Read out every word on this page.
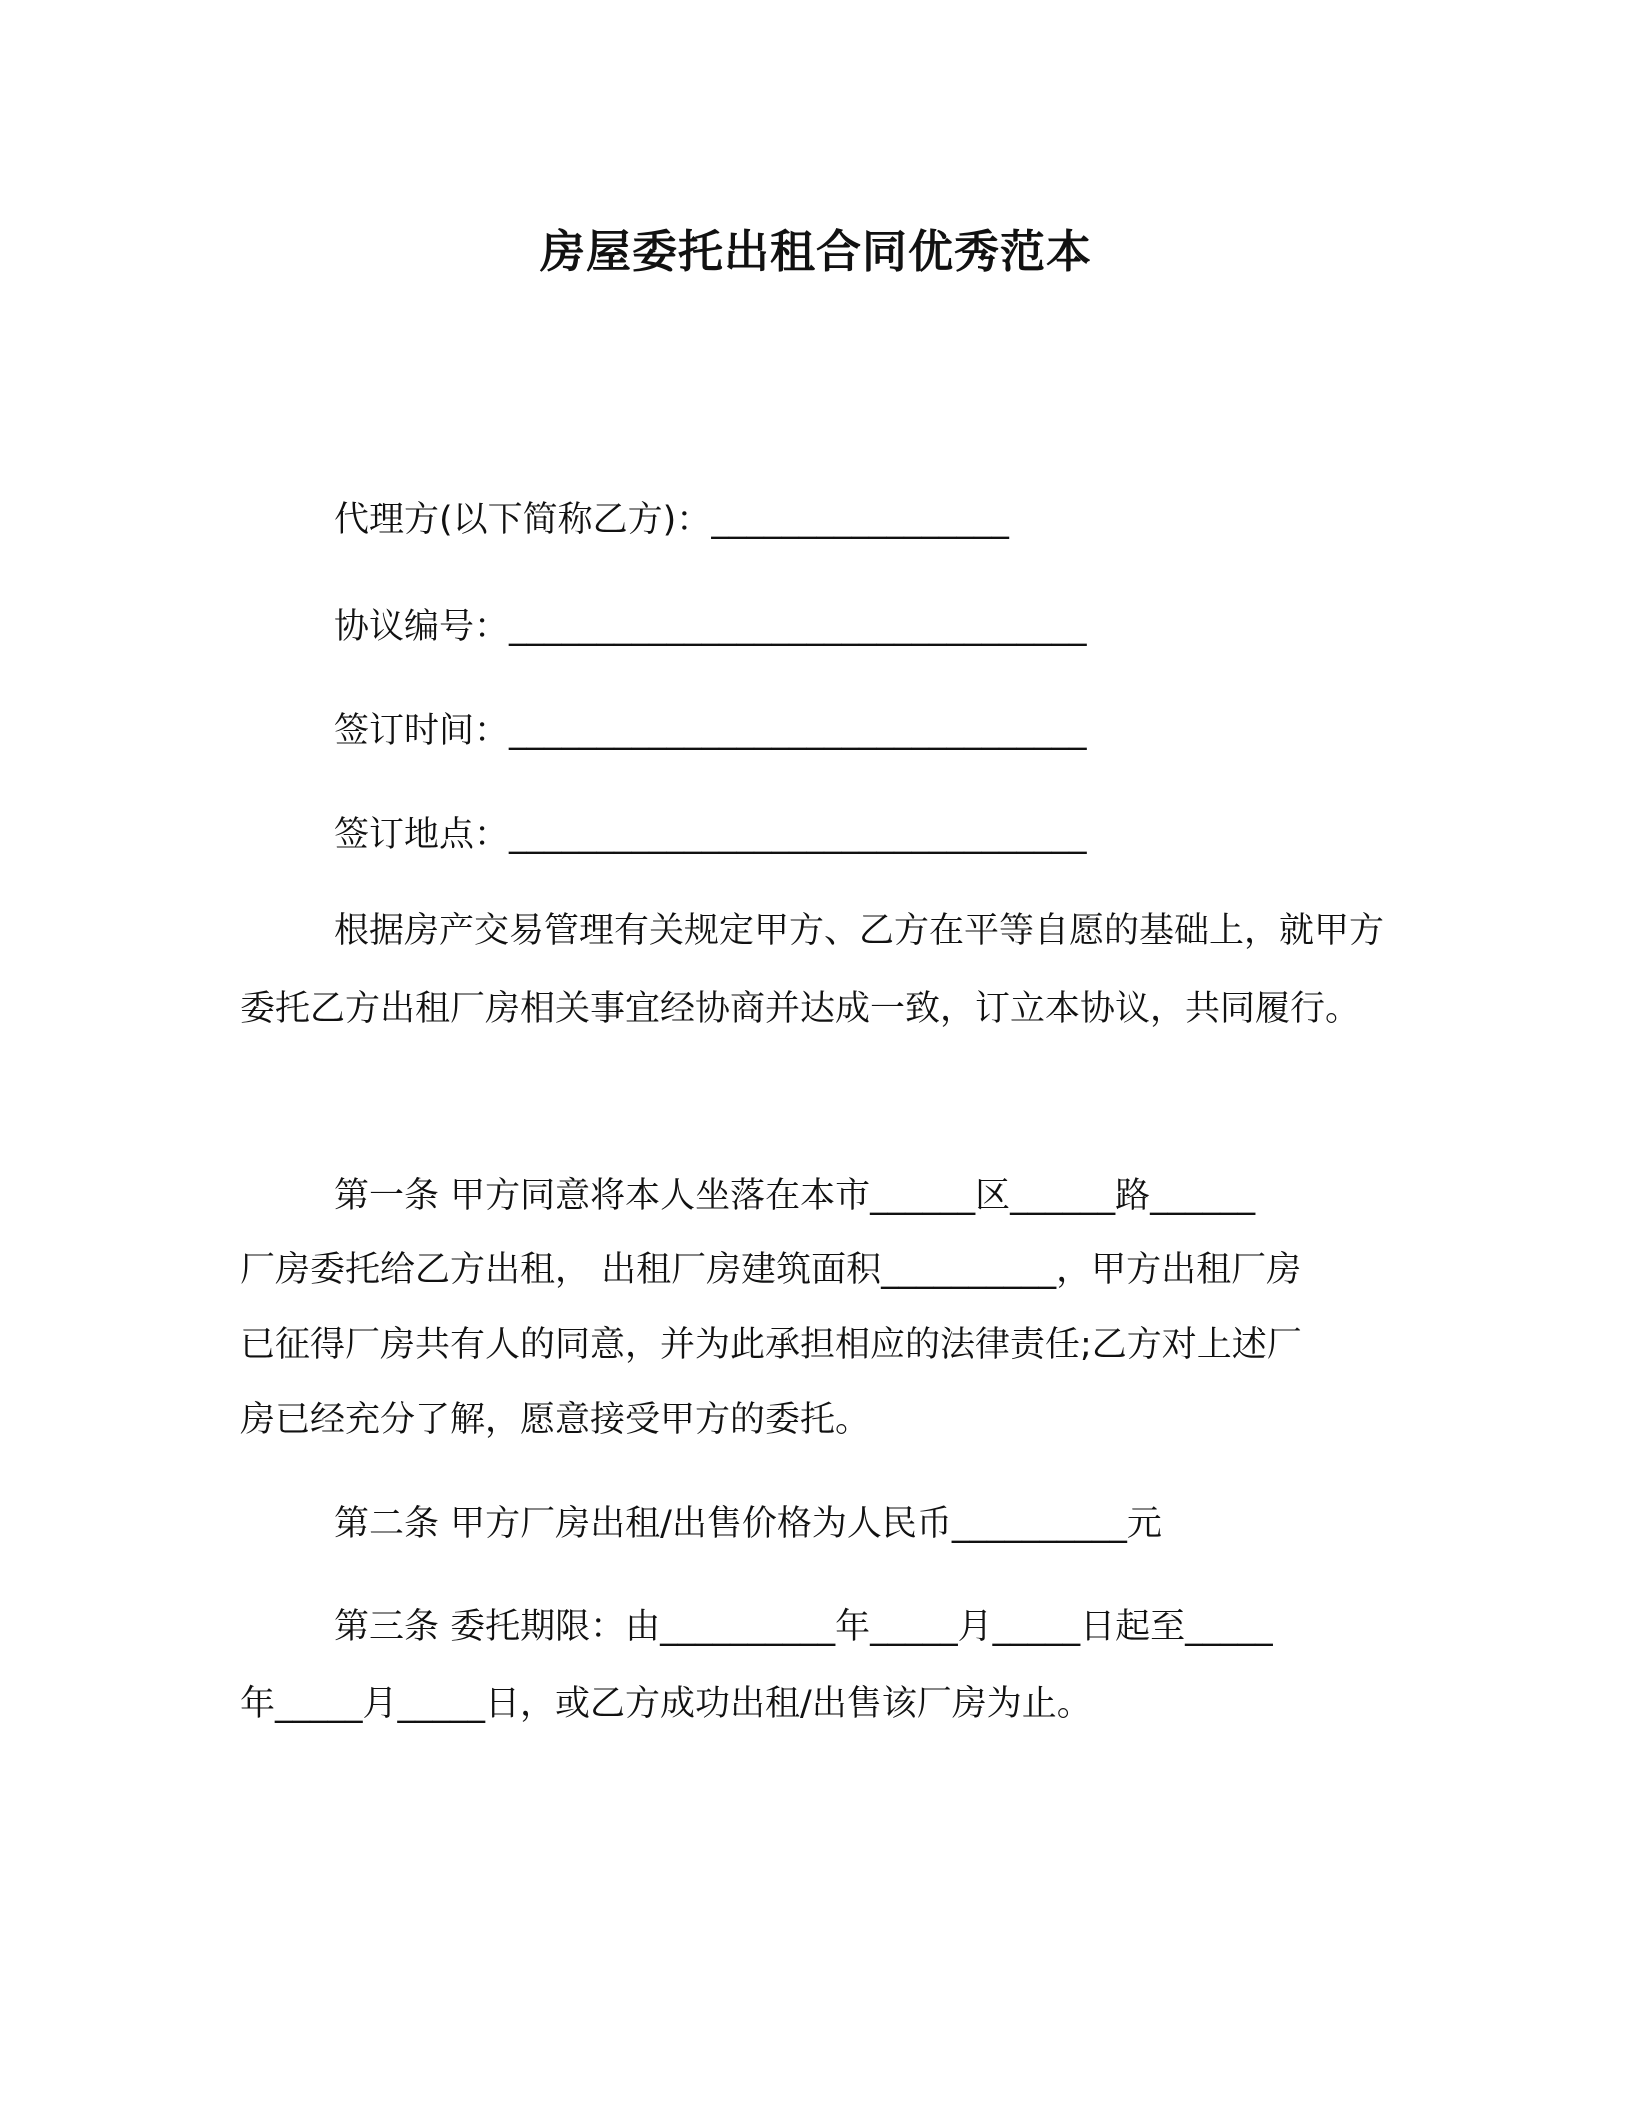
房屋委托出租合同优秀范本
代理方(以下简称乙方)：_________________
协议编号：_________________________________
签订时间：_________________________________
签订地点：_________________________________
根据房产交易管理有关规定甲方、乙方在平等自愿的基础上，就甲方委托乙方出租厂房相关事宜经协商并达成一致，订立本协议，共同履行。
第一条 甲方同意将本人坐落在本市______区______路______
厂房委托给乙方出租， 出租厂房建筑面积__________，甲方出租厂房
已征得厂房共有人的同意，并为此承担相应的法律责任;乙方对上述厂
房已经充分了解，愿意接受甲方的委托。
第二条 甲方厂房出租/出售价格为人民币__________元
第三条 委托期限：由__________年_____月_____日起至_____
年_____月_____日，或乙方成功出租/出售该厂房为止。
